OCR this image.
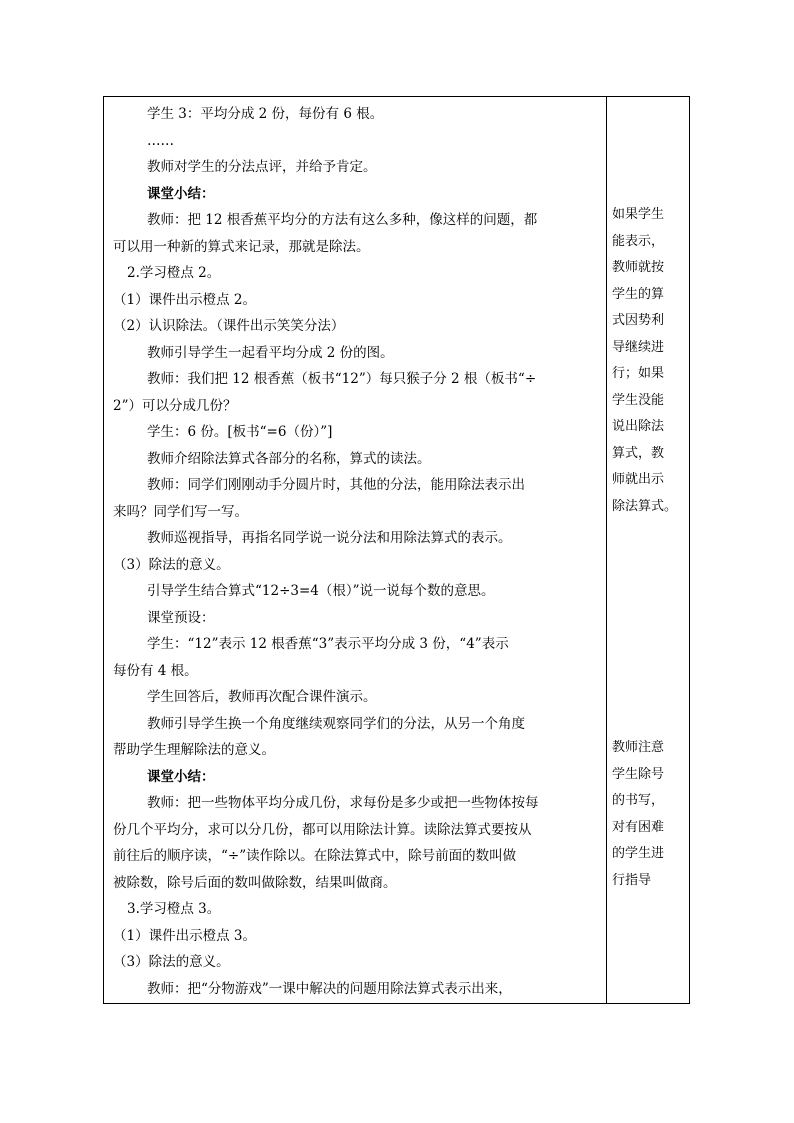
学生 3：平均分成 2 份，每份有 6 根。
……
教师对学生的分法点评，并给予肯定。
课堂小结：
教师：把 12 根香蕉平均分的方法有这么多种，像这样的问题，都
可以用一种新的算式来记录，那就是除法。
2.学习橙点 2。
（1）课件出示橙点 2。
（2）认识除法。（课件出示笑笑分法）
教师引导学生一起看平均分成 2 份的图。
教师：我们把 12 根香蕉（板书“12”）每只猴子分 2 根（板书“÷
2”）可以分成几份？
学生：6 份。[板书“=6（份）”]
教师介绍除法算式各部分的名称，算式的读法。
教师：同学们刚刚动手分圆片时，其他的分法，能用除法表示出
来吗？同学们写一写。
教师巡视指导，再指名同学说一说分法和用除法算式的表示。
（3）除法的意义。
引导学生结合算式“12÷3=4（根）”说一说每个数的意思。
课堂预设：
学生：“12”表示 12 根香蕉“3”表示平均分成 3 份，“4”表示
每份有 4 根。
学生回答后，教师再次配合课件演示。
教师引导学生换一个角度继续观察同学们的分法，从另一个角度
帮助学生理解除法的意义。
课堂小结：
教师：把一些物体平均分成几份，求每份是多少或把一些物体按每
份几个平均分，求可以分几份，都可以用除法计算。读除法算式要按从
前往后的顺序读，“÷”读作除以。在除法算式中，除号前面的数叫做
被除数，除号后面的数叫做除数，结果叫做商。
3.学习橙点 3。
（1）课件出示橙点 3。
（3）除法的意义。
教师：把“分物游戏”一课中解决的问题用除法算式表示出来，
如果学生
能表示，
教师就按
学生的算
式因势利
导继续进
行；如果
学生没能
说出除法
算式，教
师就出示
除法算式。
教师注意
学生除号
的书写，
对有困难
的学生进
行指导
